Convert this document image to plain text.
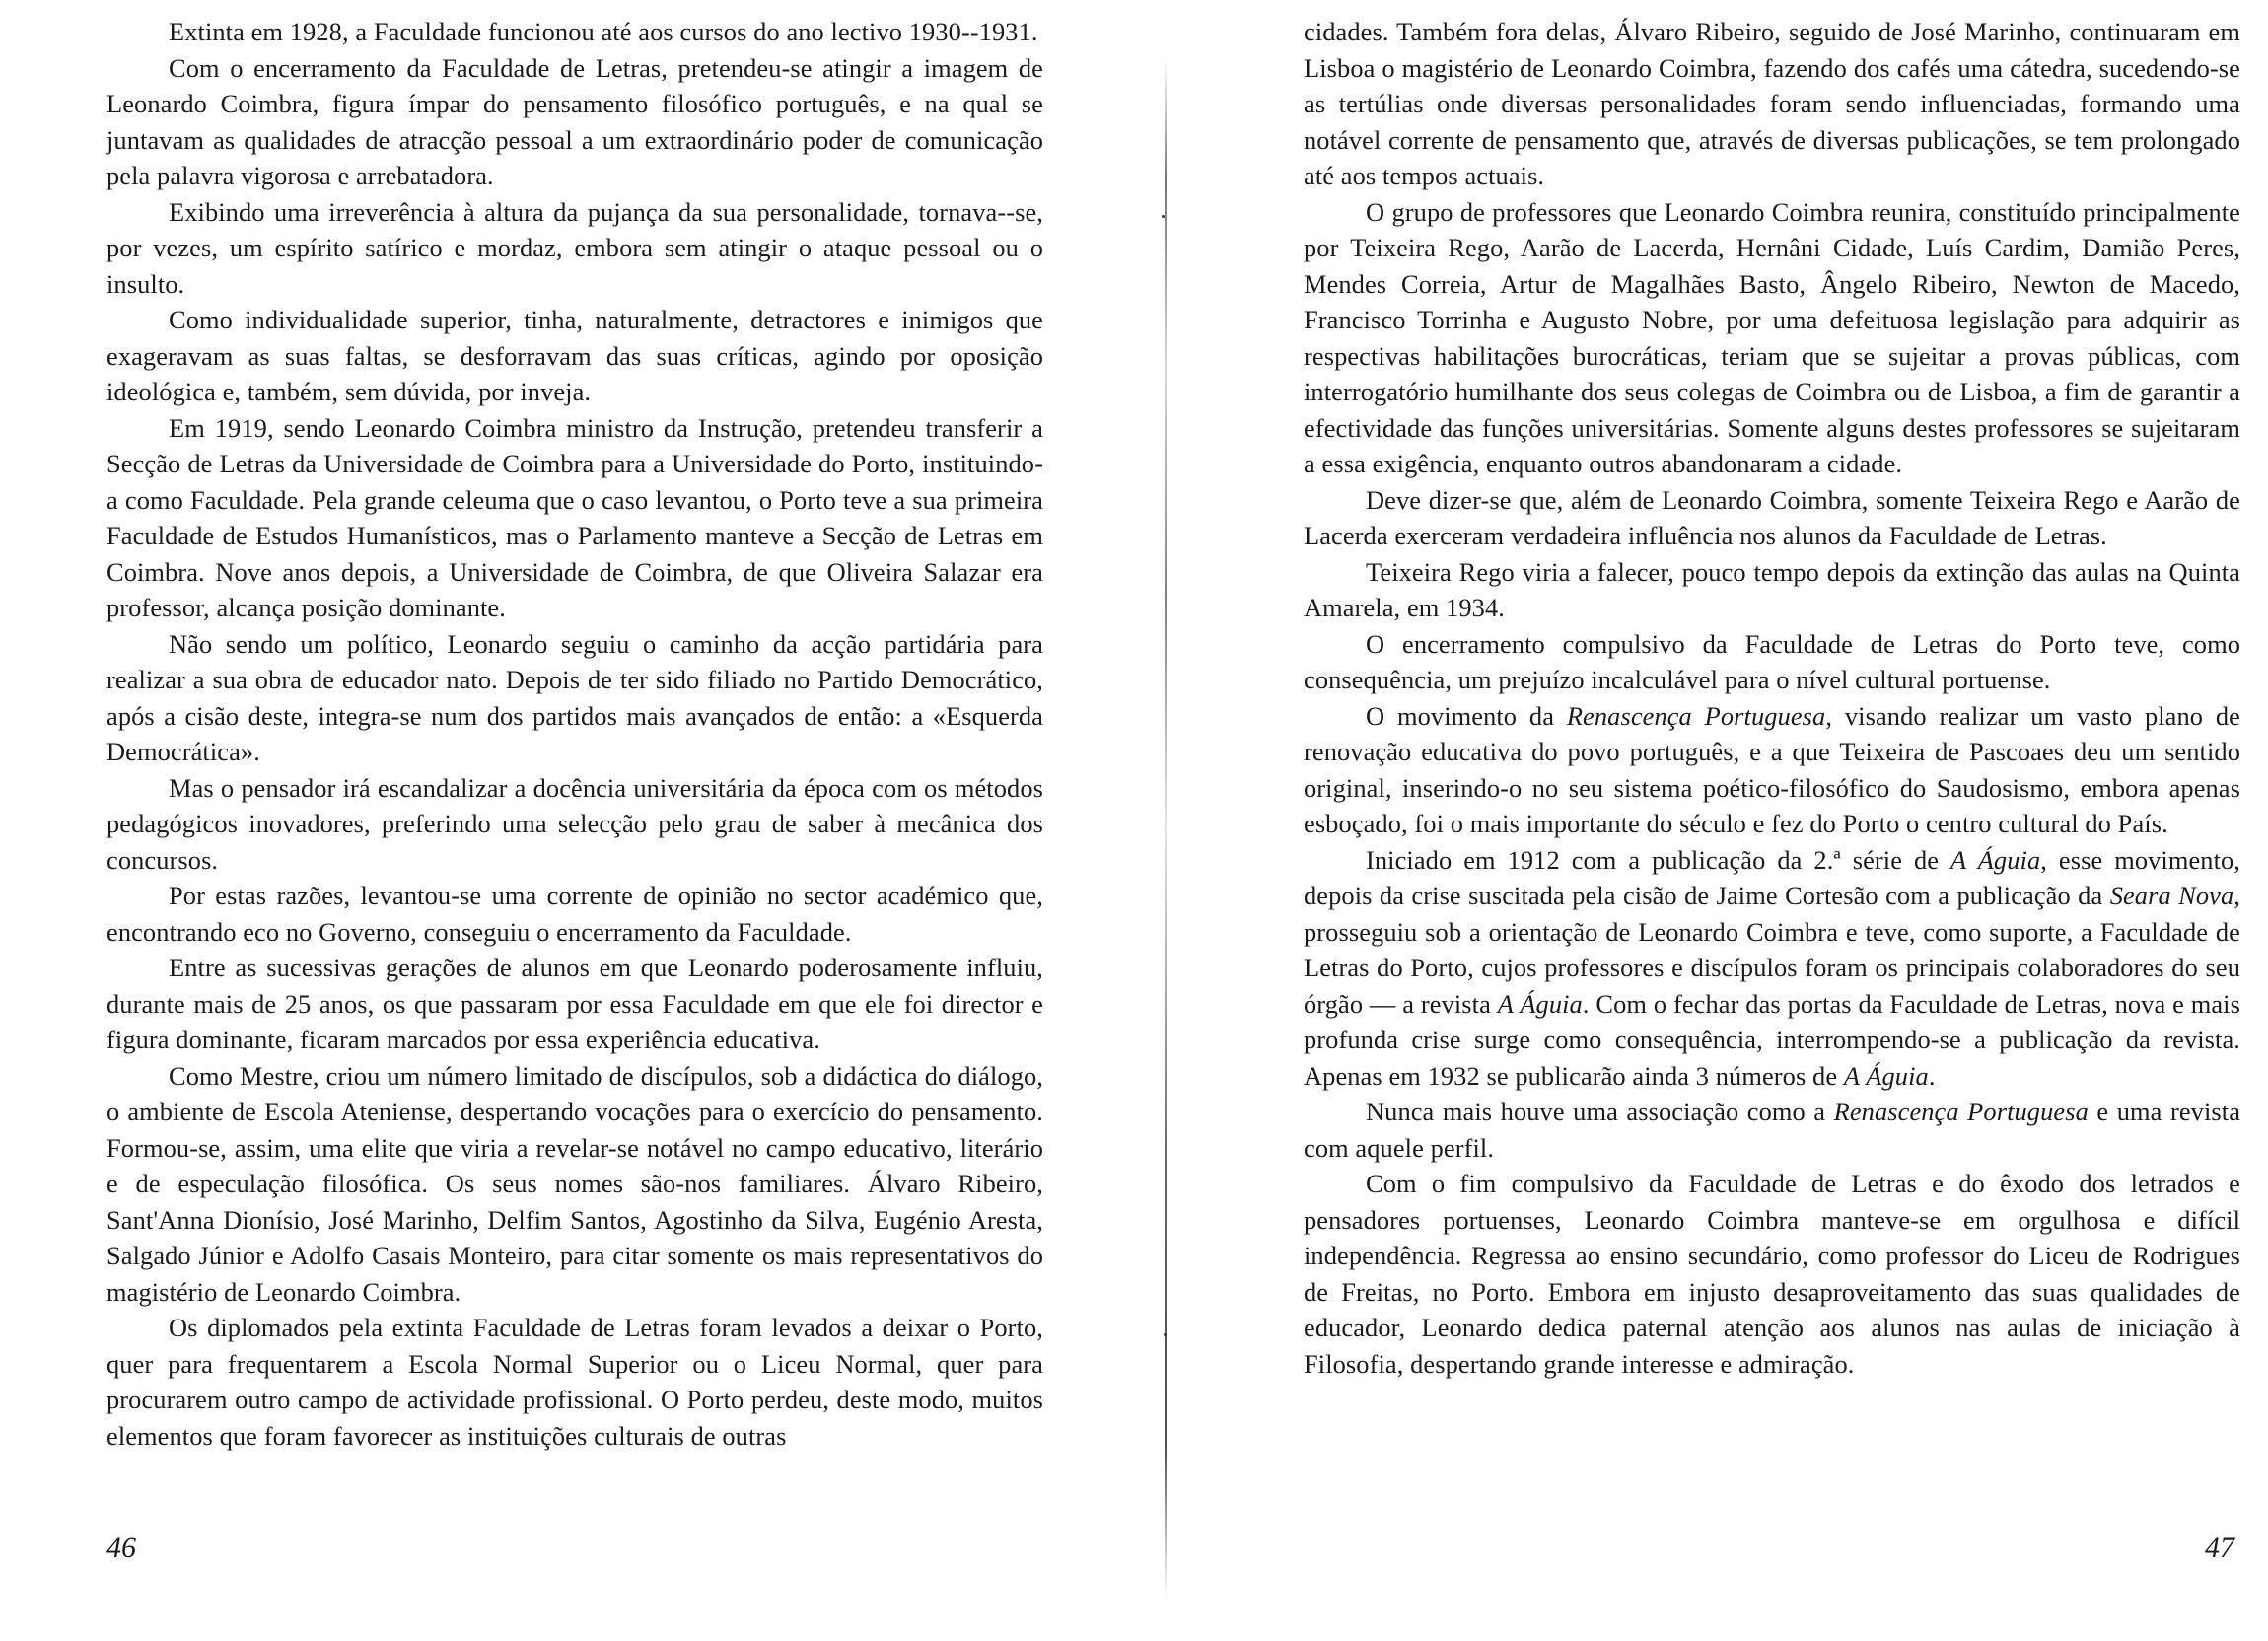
Extinta em 1928, a Faculdade funcionou até aos cursos do ano lectivo 1930--1931.

Com o encerramento da Faculdade de Letras, pretendeu-se atingir a imagem de Leonardo Coimbra, figura ímpar do pensamento filosófico português, e na qual se juntavam as qualidades de atracção pessoal a um extraordinário poder de comunicação pela palavra vigorosa e arrebatadora.

Exibindo uma irreverência à altura da pujança da sua personalidade, tornava--se, por vezes, um espírito satírico e mordaz, embora sem atingir o ataque pessoal ou o insulto.

Como individualidade superior, tinha, naturalmente, detractores e inimigos que exageravam as suas faltas, se desforravam das suas críticas, agindo por oposição ideológica e, também, sem dúvida, por inveja.

Em 1919, sendo Leonardo Coimbra ministro da Instrução, pretendeu transferir a Secção de Letras da Universidade de Coimbra para a Universidade do Porto, instituindo-a como Faculdade. Pela grande celeuma que o caso levantou, o Porto teve a sua primeira Faculdade de Estudos Humanísticos, mas o Parlamento manteve a Secção de Letras em Coimbra. Nove anos depois, a Universidade de Coimbra, de que Oliveira Salazar era professor, alcança posição dominante.

Não sendo um político, Leonardo seguiu o caminho da acção partidária para realizar a sua obra de educador nato. Depois de ter sido filiado no Partido Democrático, após a cisão deste, integra-se num dos partidos mais avançados de então: a «Esquerda Democrática».

Mas o pensador irá escandalizar a docência universitária da época com os métodos pedagógicos inovadores, preferindo uma selecção pelo grau de saber à mecânica dos concursos.

Por estas razões, levantou-se uma corrente de opinião no sector académico que, encontrando eco no Governo, conseguiu o encerramento da Faculdade.

Entre as sucessivas gerações de alunos em que Leonardo poderosamente influiu, durante mais de 25 anos, os que passaram por essa Faculdade em que ele foi director e figura dominante, ficaram marcados por essa experiência educativa.

Como Mestre, criou um número limitado de discípulos, sob a didáctica do diálogo, o ambiente de Escola Ateniense, despertando vocações para o exercício do pensamento. Formou-se, assim, uma elite que viria a revelar-se notável no campo educativo, literário e de especulação filosófica. Os seus nomes são-nos familiares. Álvaro Ribeiro, Sant'Anna Dionísio, José Marinho, Delfim Santos, Agostinho da Silva, Eugénio Aresta, Salgado Júnior e Adolfo Casais Monteiro, para citar somente os mais representativos do magistério de Leonardo Coimbra.

Os diplomados pela extinta Faculdade de Letras foram levados a deixar o Porto, quer para frequentarem a Escola Normal Superior ou o Liceu Normal, quer para procurarem outro campo de actividade profissional. O Porto perdeu, deste modo, muitos elementos que foram favorecer as instituições culturais de outras

46

cidades. Também fora delas, Álvaro Ribeiro, seguido de José Marinho, continuaram em Lisboa o magistério de Leonardo Coimbra, fazendo dos cafés uma cátedra, sucedendo-se as tertúlias onde diversas personalidades foram sendo influenciadas, formando uma notável corrente de pensamento que, através de diversas publicações, se tem prolongado até aos tempos actuais.

O grupo de professores que Leonardo Coimbra reunira, constituído principalmente por Teixeira Rego, Aarão de Lacerda, Hernâni Cidade, Luís Cardim, Damião Peres, Mendes Correia, Artur de Magalhães Basto, Ângelo Ribeiro, Newton de Macedo, Francisco Torrinha e Augusto Nobre, por uma defeituosa legislação para adquirir as respectivas habilitações burocráticas, teriam que se sujeitar a provas públicas, com interrogatório humilhante dos seus colegas de Coimbra ou de Lisboa, a fim de garantir a efectividade das funções universitárias. Somente alguns destes professores se sujeitaram a essa exigência, enquanto outros abandonaram a cidade.

Deve dizer-se que, além de Leonardo Coimbra, somente Teixeira Rego e Aarão de Lacerda exerceram verdadeira influência nos alunos da Faculdade de Letras.

Teixeira Rego viria a falecer, pouco tempo depois da extinção das aulas na Quinta Amarela, em 1934.

O encerramento compulsivo da Faculdade de Letras do Porto teve, como consequência, um prejuízo incalculável para o nível cultural portuense.

O movimento da Renascença Portuguesa, visando realizar um vasto plano de renovação educativa do povo português, e a que Teixeira de Pascoaes deu um sentido original, inserindo-o no seu sistema poético-filosófico do Saudosismo, embora apenas esboçado, foi o mais importante do século e fez do Porto o centro cultural do País.

Iniciado em 1912 com a publicação da 2.ª série de A Águia, esse movimento, depois da crise suscitada pela cisão de Jaime Cortesão com a publicação da Seara Nova, prosseguiu sob a orientação de Leonardo Coimbra e teve, como suporte, a Faculdade de Letras do Porto, cujos professores e discípulos foram os principais colaboradores do seu órgão — a revista A Águia. Com o fechar das portas da Faculdade de Letras, nova e mais profunda crise surge como consequência, interrompendo-se a publicação da revista. Apenas em 1932 se publicarão ainda 3 números de A Águia.

Nunca mais houve uma associação como a Renascença Portuguesa e uma revista com aquele perfil.

Com o fim compulsivo da Faculdade de Letras e do êxodo dos letrados e pensadores portuenses, Leonardo Coimbra manteve-se em orgulhosa e difícil independência. Regressa ao ensino secundário, como professor do Liceu de Rodrigues de Freitas, no Porto. Embora em injusto desaproveitamento das suas qualidades de educador, Leonardo dedica paternal atenção aos alunos nas aulas de iniciação à Filosofia, despertando grande interesse e admiração.

47
